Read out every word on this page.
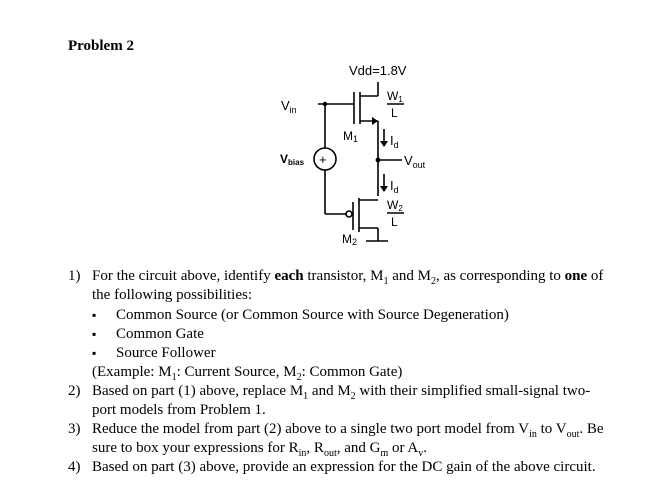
Problem 2
Vdd=1.8V
$V_{in}$
Vbias +	$V_{out}$
M1
M2
W1
L
W2
L
$I_d$
$I_d$
1) For the circuit above, identify each transistor, $M_1$ and $M_2$, as corresponding to one of
the following possibilities:
▪ Common Source (or Common Source with Source Degeneration)
▪ Common Gate
▪ Source Follower
(Example: $M_1$: Current Source, $M_2$: Common Gate)
2) Based on part (1) above, replace $M_1$ and $M_2$ with their simplified small-signal two-
port models from Problem 1.
3) Reduce the model from part (2) above to a single two port model from $V_{in}$ to $V_{out}$. Be
sure to box your expressions for $R_{in}$, $R_{out}$, and $G_m$ or $A_v$.
4) Based on part (3) above, provide an expression for the DC gain of the above circuit.
